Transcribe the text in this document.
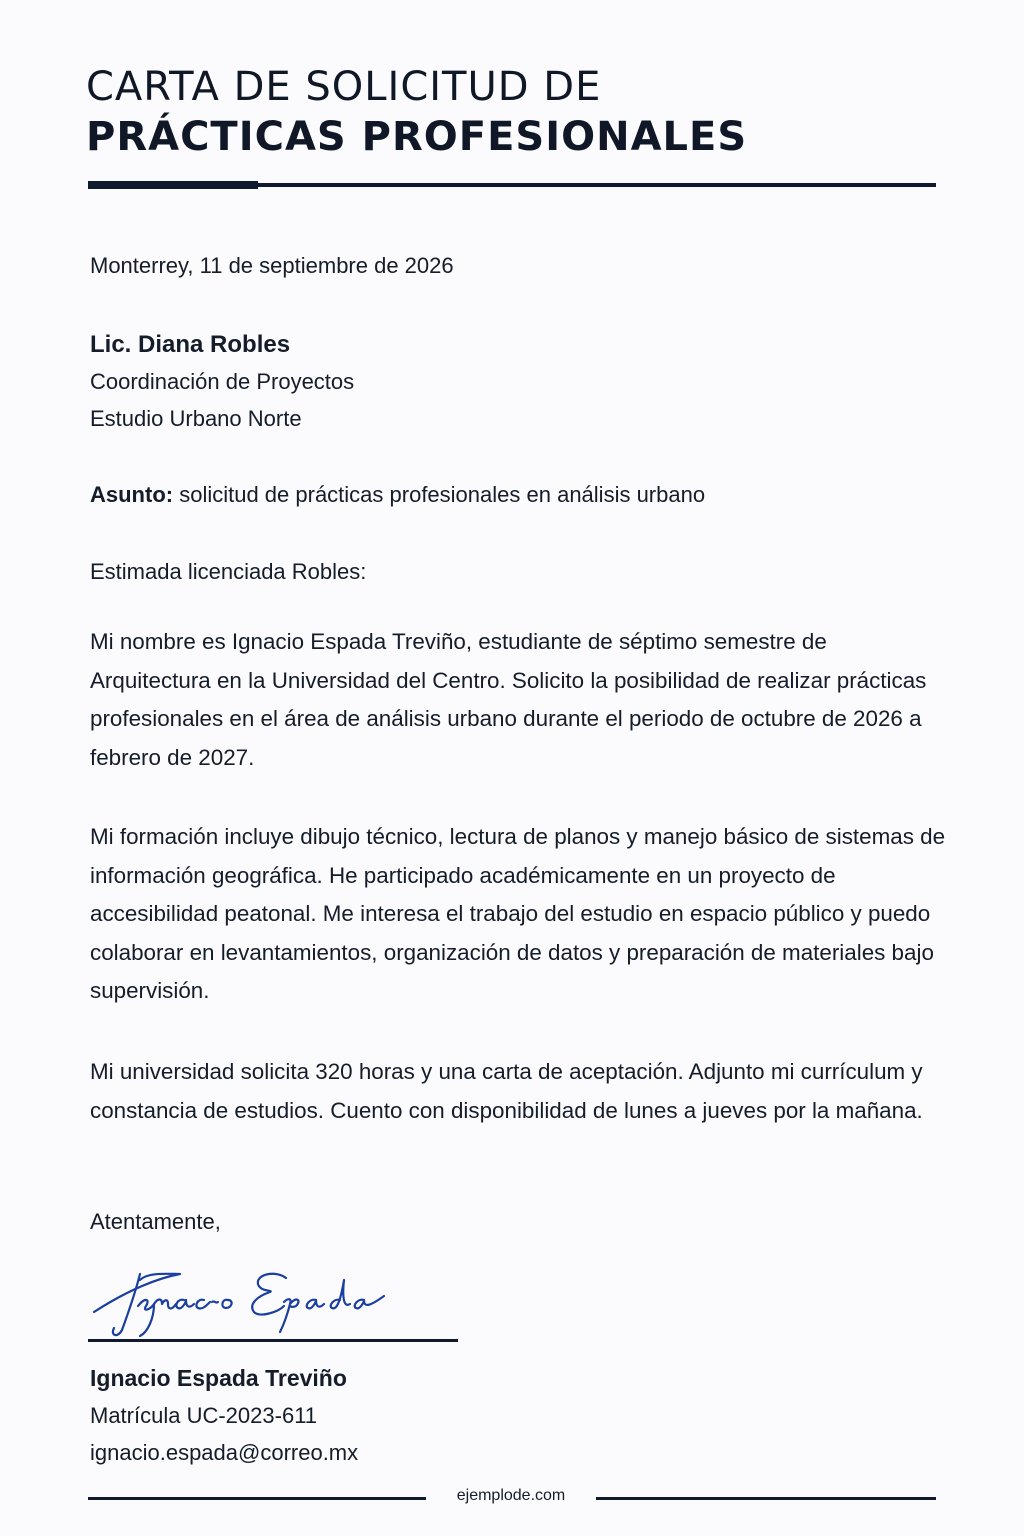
CARTA DE SOLICITUD DE
PRÁCTICAS PROFESIONALES
Monterrey, 11 de septiembre de 2026
Lic. Diana Robles
Coordinación de Proyectos
Estudio Urbano Norte
Asunto: solicitud de prácticas profesionales en análisis urbano
Estimada licenciada Robles:
Mi nombre es Ignacio Espada Treviño, estudiante de séptimo semestre de Arquitectura en la Universidad del Centro. Solicito la posibilidad de realizar prácticas profesionales en el área de análisis urbano durante el periodo de octubre de 2026 a febrero de 2027.
Mi formación incluye dibujo técnico, lectura de planos y manejo básico de sistemas de información geográfica. He participado académicamente en un proyecto de accesibilidad peatonal. Me interesa el trabajo del estudio en espacio público y puedo colaborar en levantamientos, organización de datos y preparación de materiales bajo supervisión.
Mi universidad solicita 320 horas y una carta de aceptación. Adjunto mi currículum y constancia de estudios. Cuento con disponibilidad de lunes a jueves por la mañana.
Atentamente,
Ignacio Espada Treviño
Matrícula UC-2023-611
ignacio.espada@correo.mx
ejemplode.com
